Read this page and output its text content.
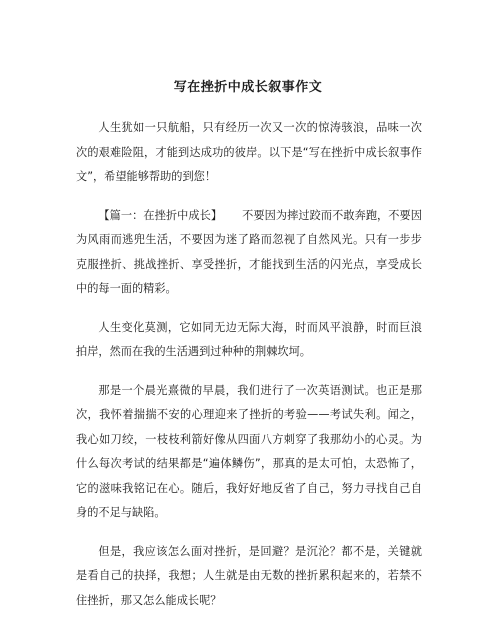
写在挫折中成长叙事作文

人生犹如一只航船，只有经历一次又一次的惊涛骇浪，品味一次次的艰难险阻，才能到达成功的彼岸。以下是“写在挫折中成长叙事作文”，希望能够帮助的到您！

【篇一：在挫折中成长】 不要因为摔过跤而不敢奔跑，不要因为风雨而逃兜生活，不要因为迷了路而忽视了自然风光。只有一步步克服挫折、挑战挫折、享受挫折，才能找到生活的闪光点，享受成长中的每一面的精彩。

人生变化莫测，它如同无边无际大海，时而风平浪静，时而巨浪拍岸，然而在我的生活遇到过种种的荆棘坎坷。

那是一个晨光熹微的早晨，我们进行了一次英语测试。也正是那次，我怀着揣揣不安的心理迎来了挫折的考验——考试失利。闻之，我心如刀绞，一枝枝利箭好像从四面八方刺穿了我那幼小的心灵。为什么每次考试的结果都是“遍体鳞伤”，那真的是太可怕，太恐怖了，它的滋味我铭记在心。随后，我好好地反省了自己，努力寻找自己自身的不足与缺陷。

但是，我应该怎么面对挫折，是回避？是沉沦？都不是，关键就是看自己的抉择，我想；人生就是由无数的挫折累积起来的，若禁不住挫折，那又怎么能成长呢？
